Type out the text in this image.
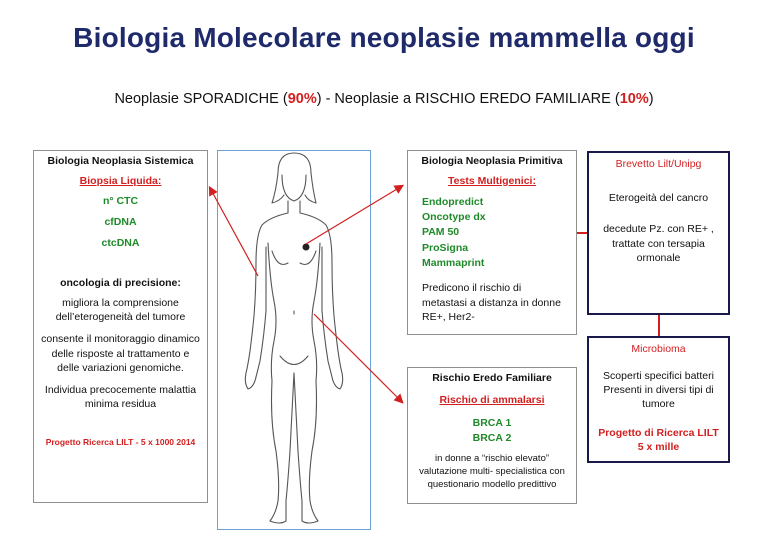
Biologia Molecolare neoplasie mammella oggi
Neoplasie SPORADICHE (90%) - Neoplasie a RISCHIO EREDO FAMILIARE (10%)

Biologia Neoplasia Sistemica

Biopsia Liquida:

n° CTC

cfDNA

ctcDNA

oncologia di precisione:

migliora la comprensione dell’eterogeneità del tumore

consente il monitoraggio dinamico delle risposte al trattamento e delle variazioni genomiche.

Individua precocemente malattia minima residua

Progetto Ricerca LILT - 5 x 1000 2014

Biologia Neoplasia Primitiva

Tests Multigenici:

Endopredict

Oncotype dx

PAM 50

ProSigna

Mammaprint

Predicono il rischio di metastasi a distanza in donne RE+, Her2-

Rischio Eredo Familiare

Rischio di ammalarsi

BRCA 1

BRCA 2

in donne a “rischio elevato” valutazione multi- specialistica con questionario modello predittivo

Brevetto Lilt/Unipg

Eterogeità del cancro

decedute Pz. con RE+ , trattate con tersapia ormonale

Microbioma

Scoperti specifici batteri Presenti in diversi tipi di tumore

Progetto di Ricerca LILT 5 x mille
